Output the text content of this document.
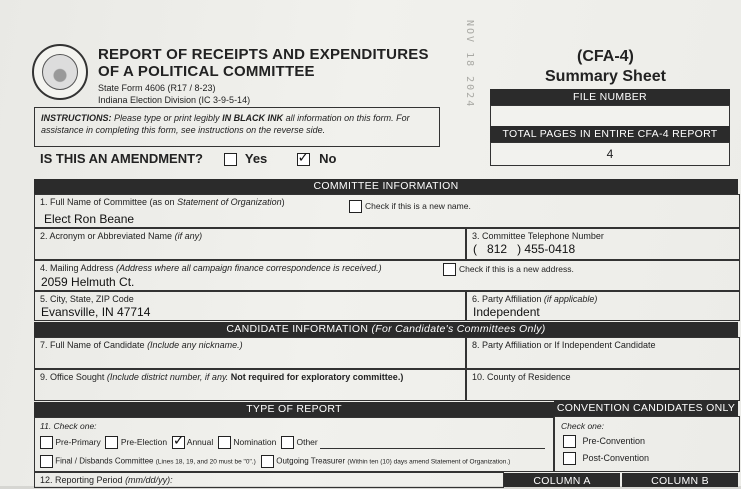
REPORT OF RECEIPTS AND EXPENDITURES
OF A POLITICAL COMMITTEE
State Form 4606 (R17 / 8-23)
Indiana Election Division (IC 3-9-5-14)	NOV 18 2024	(CFA-4)
Summary Sheet
FILE NUMBER
TOTAL PAGES IN ENTIRE CFA-4 REPORT
4
INSTRUCTIONS: Please type or print legibly IN BLACK INK all information on this form. For assistance in completing this form, see instructions on the reverse side.
IS THIS AN AMENDMENT?	Yes ✓	No
COMMITTEE INFORMATION
1. Full Name of Committee (as on Statement of Organization)	Check if this is a new name.
Elect Ron Beane
2. Acronym or Abbreviated Name (if any)	3. Committee Telephone Number
( 812 ) 455-0418
4. Mailing Address (Address where all campaign finance correspondence is received.)	Check if this is a new address.
2059 Helmuth Ct.
5. City, State, ZIP Code
Evansville, IN 47714
6. Party Affiliation (if applicable)
Independent
CANDIDATE INFORMATION (For Candidate's Committees Only)
7. Full Name of Candidate (Include any nickname.)	8. Party Affiliation or If Independent Candidate
9. Office Sought (Include district number, if any. Not required for exploratory committee.)	10. County of Residence
TYPE OF REPORT	CONVENTION CANDIDATES ONLY
11. Check one:
Pre-Primary Pre-Election ✓ Annual Nomination Other
Final / Disbands Committee (Lines 18, 19, and 20 must be "0".)	Outgoing Treasurer (Within ten (10) days amend Statement of Organization.)
Check one:
Pre-Convention
Post-Convention
12. Reporting Period (mm/dd/yy):	COLUMN A	COLUMN B
